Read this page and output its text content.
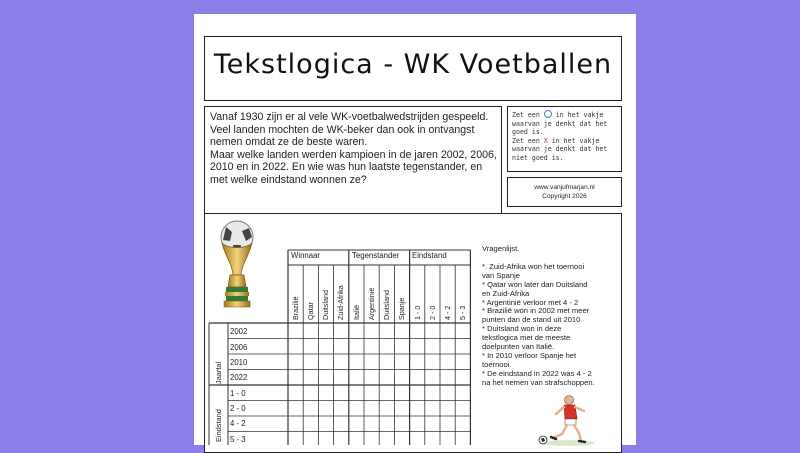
Tekstlogica - WK Voetballen
Vanaf 1930 zijn er al vele WK-voetbalwedstrijden gespeeld.
Veel landen mochten de WK-beker dan ook in ontvangst
nemen omdat ze de beste waren.
Maar welke landen werden kampioen in de jaren 2002, 2006,
2010 en in 2022. En wie was hun laatste tegenstander, en
met welke eindstand wonnen ze?
Zet een ○ in het vakje
waarvan je denkt dat het
goed is.
Zet een X in het vakje
waarvan je denkt dat het
niet goed is.
www.vanjufmarjan.nl
Copyright 2026
Winnaar	Tegenstander Eindstand
Brazilië Qatar Duitsland Zuid-Afrika Italië Argentinië Duitsland Spanje 1 - 0 2 - 0 4 - 2 5 - 3
Jaartal
Eindstand
2002
2006
2010
2022
1 - 0
2 - 0
4 - 2
5 - 3
Vragenlijst.
*. Zuid-Afrika won het toernooi
van Spanje
* Qatar won later dan Duitsland
en Zuid-Afrika
* Argentinië verloor met 4 - 2
* Brazilië won in 2002 met meer
punten dan de stand uit 2010
* Duitsland won in deze
tekstlogica met de meeste
doelpunten van Italië.
* In 2010 verloor Spanje het
toernooi.
* De eindstand in 2022 was 4 - 2
na het nemen van strafschoppen.
